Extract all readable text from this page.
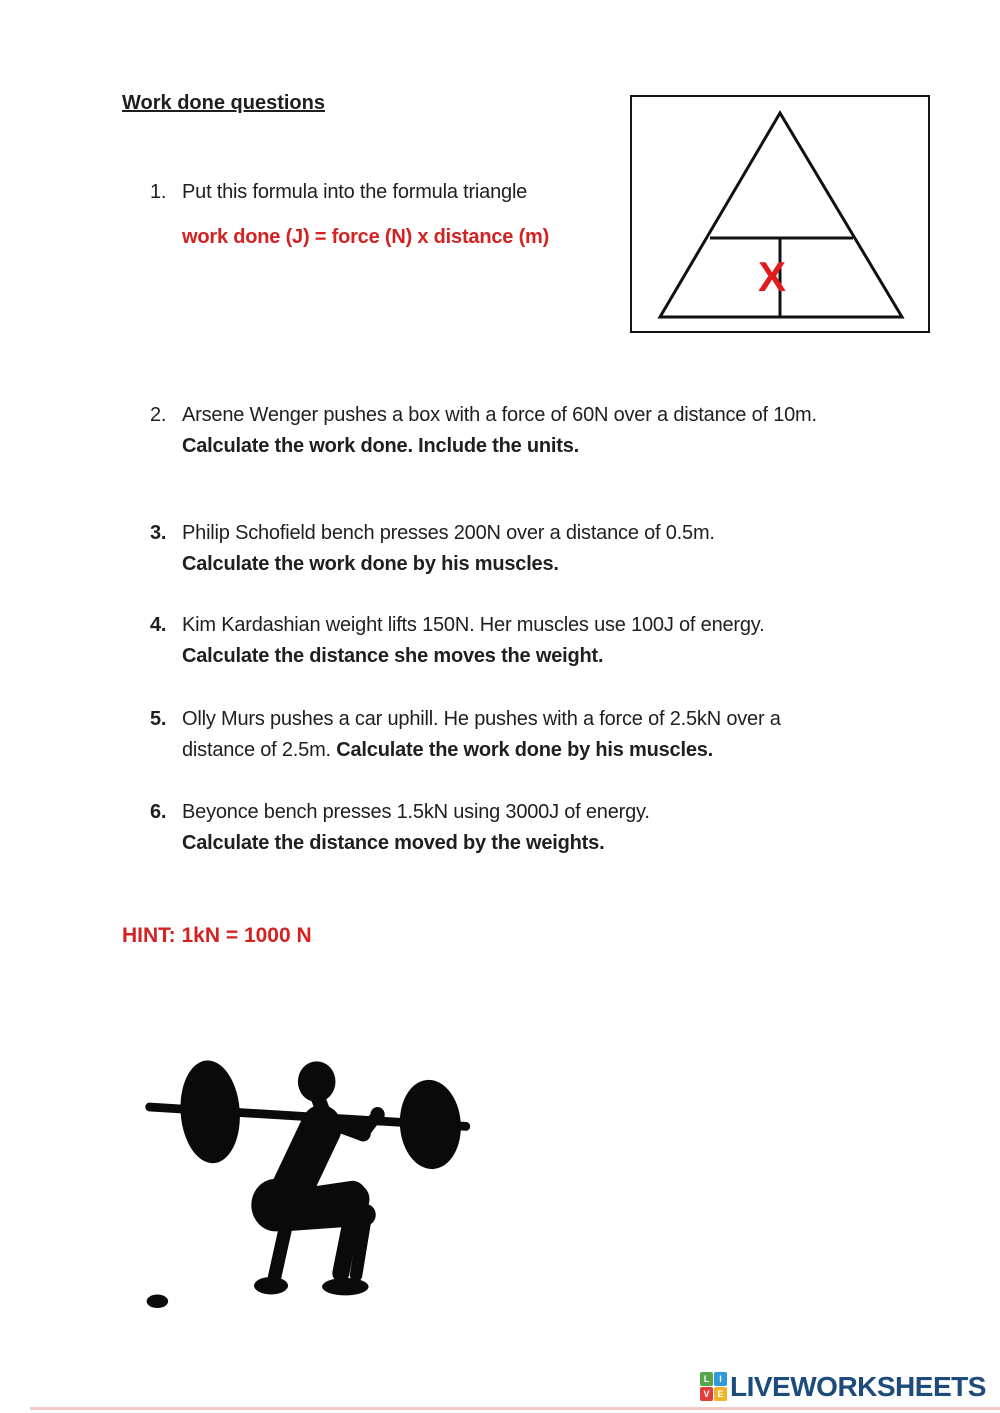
Work done questions
X
1. Put this formula into the formula triangle
work done (J) = force (N) x distance (m)
2. Arsene Wenger pushes a box with a force of 60N over a distance of 10m.
Calculate the work done. Include the units.
3. Philip Schofield bench presses 200N over a distance of 0.5m.
Calculate the work done by his muscles.
4. Kim Kardashian weight lifts 150N. Her muscles use 100J of energy.
Calculate the distance she moves the weight.
5. Olly Murs pushes a car uphill. He pushes with a force of 2.5kN over a
distance of 2.5m. Calculate the work done by his muscles.
6. Beyonce bench presses 1.5kN using 3000J of energy.
Calculate the distance moved by the weights.
HINT: 1kN = 1000 N
L	I
V E LIVEWORKSHEETS
